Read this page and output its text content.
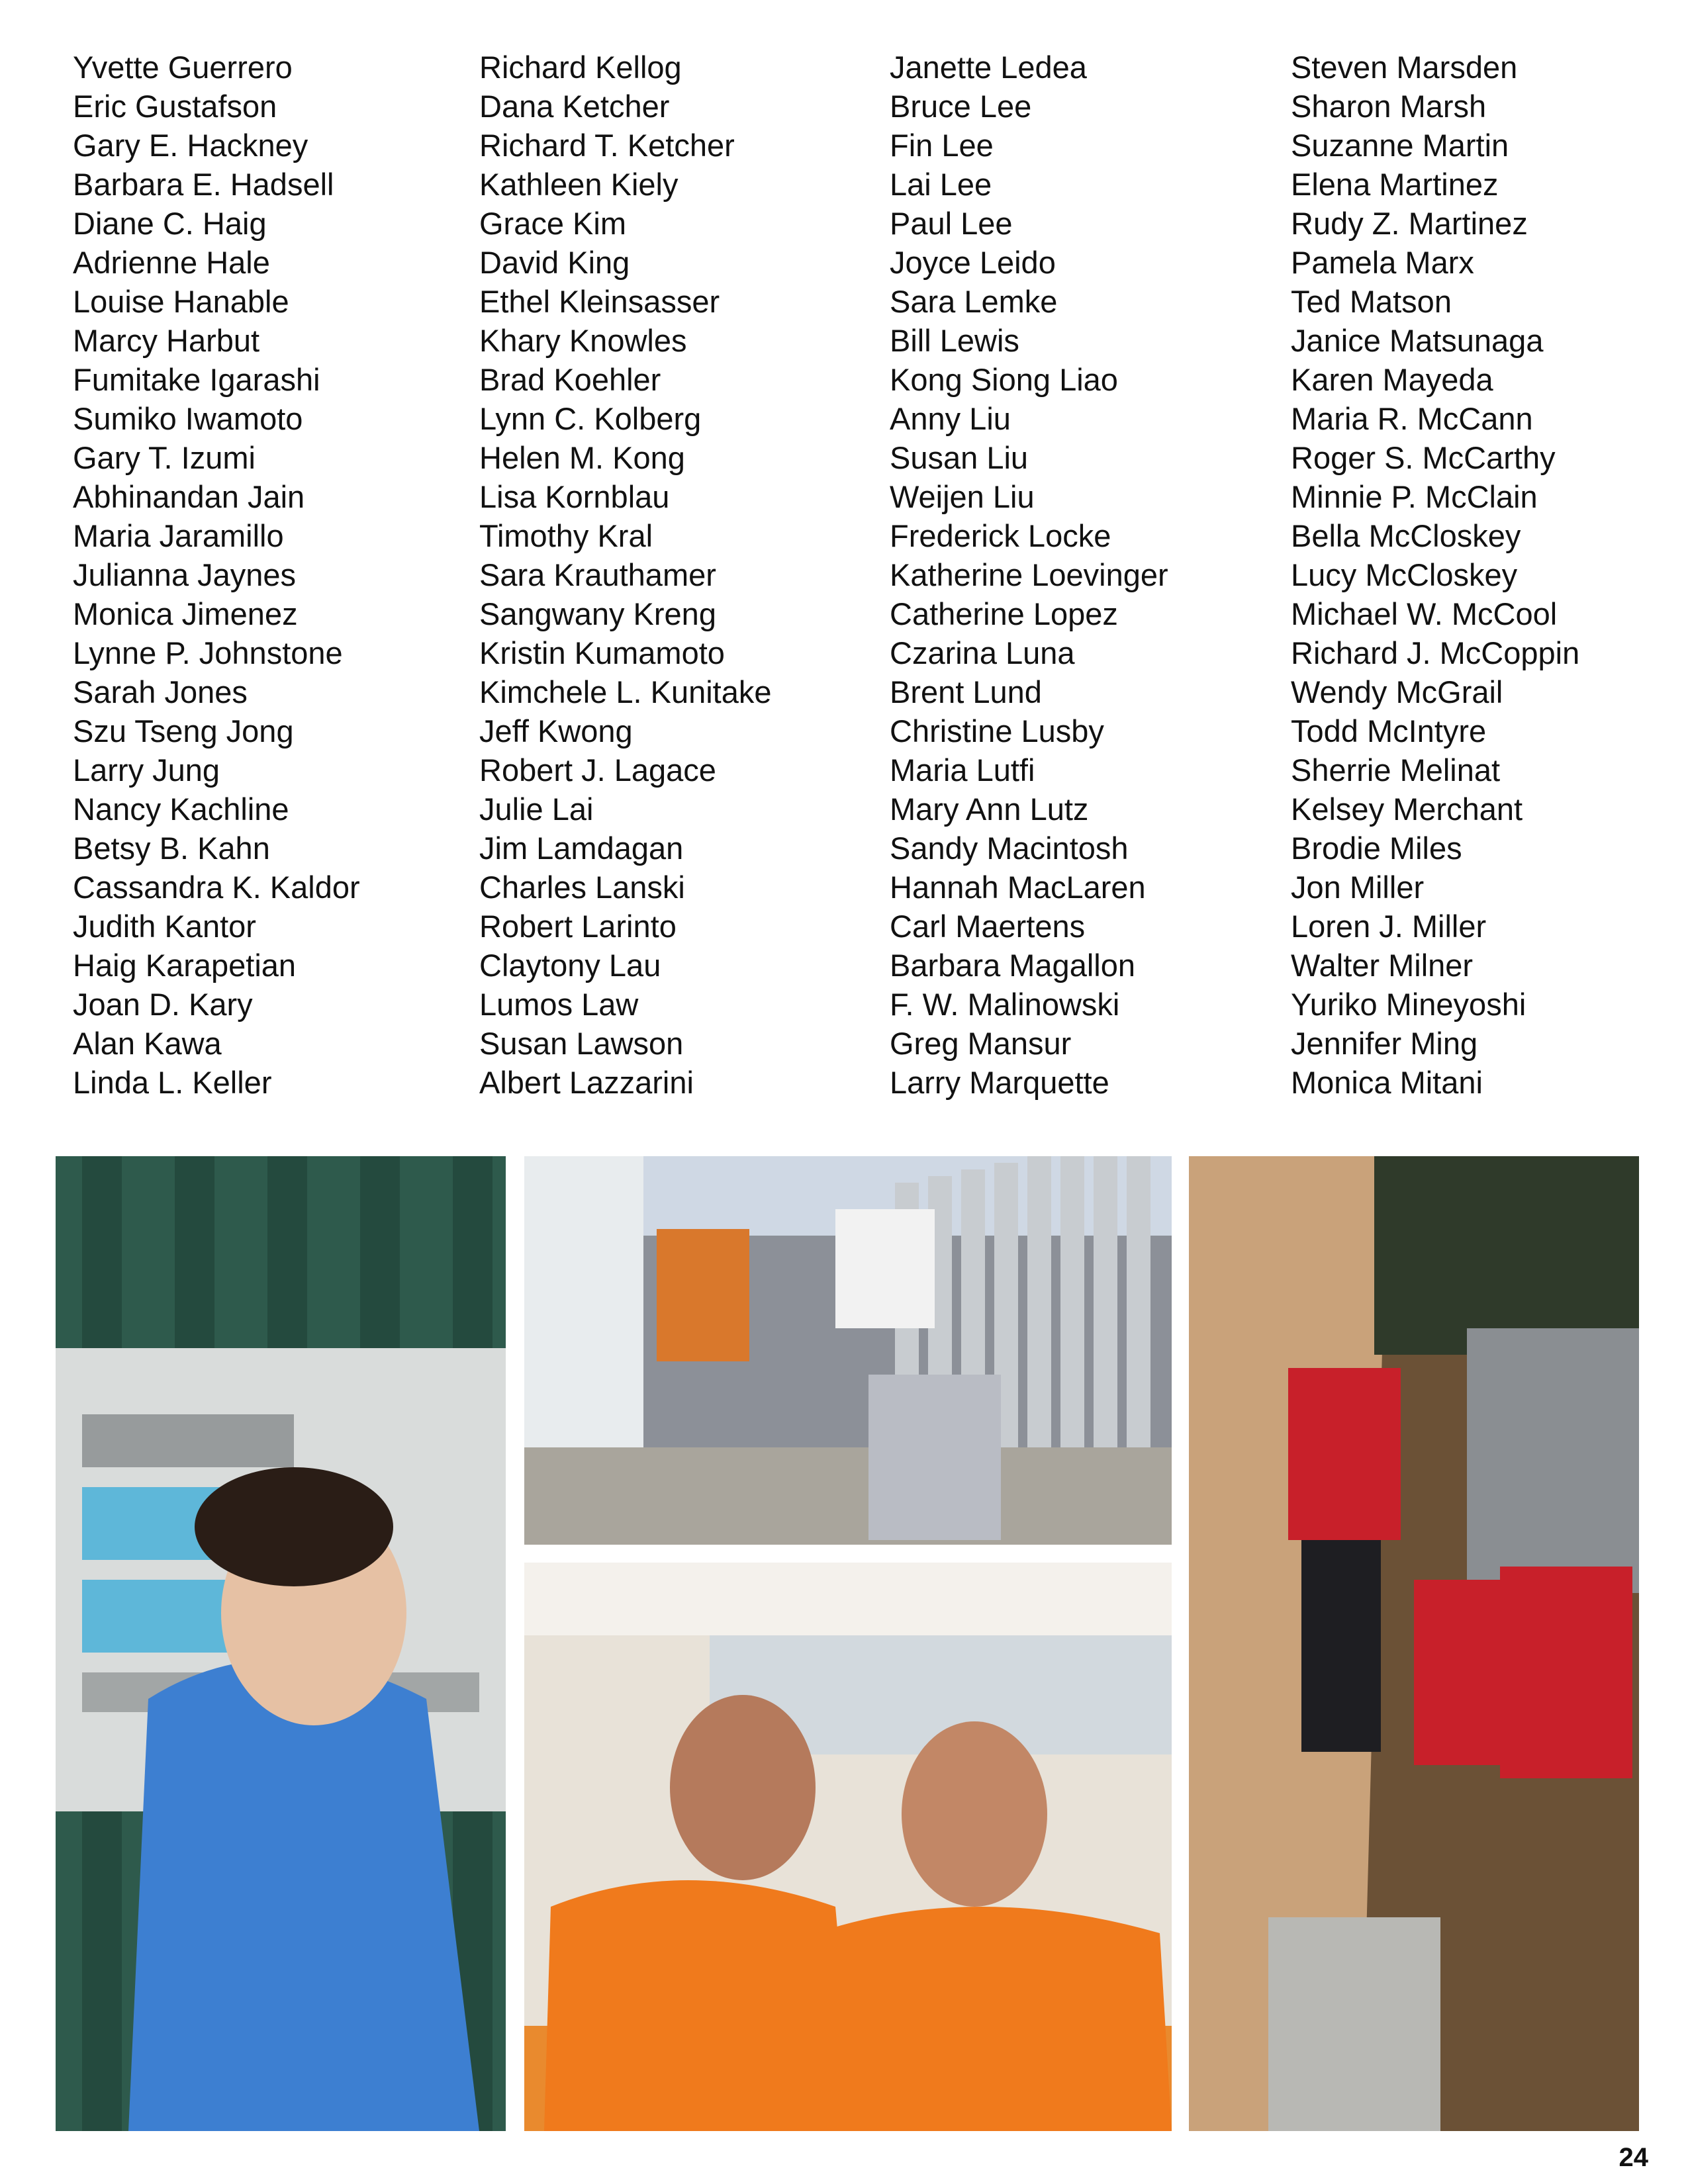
Yvette Guerrero
Eric Gustafson
Gary E. Hackney
Barbara E. Hadsell
Diane C. Haig
Adrienne Hale
Louise Hanable
Marcy Harbut
Fumitake Igarashi
Sumiko Iwamoto
Gary T. Izumi
Abhinandan Jain
Maria Jaramillo
Julianna Jaynes
Monica Jimenez
Lynne P. Johnstone
Sarah Jones
Szu Tseng Jong
Larry Jung
Nancy Kachline
Betsy B. Kahn
Cassandra K. Kaldor
Judith Kantor
Haig Karapetian
Joan D. Kary
Alan Kawa
Linda L. Keller
Richard Kellog
Dana Ketcher
Richard T. Ketcher
Kathleen Kiely
Grace Kim
David King
Ethel Kleinsasser
Khary Knowles
Brad Koehler
Lynn C. Kolberg
Helen M. Kong
Lisa Kornblau
Timothy Kral
Sara Krauthamer
Sangwany Kreng
Kristin Kumamoto
Kimchele L. Kunitake
Jeff Kwong
Robert J. Lagace
Julie Lai
Jim Lamdagan
Charles Lanski
Robert Larinto
Claytony Lau
Lumos Law
Susan Lawson
Albert Lazzarini
Janette Ledea
Bruce Lee
Fin Lee
Lai Lee
Paul Lee
Joyce Leido
Sara Lemke
Bill Lewis
Kong Siong Liao
Anny Liu
Susan Liu
Weijen Liu
Frederick Locke
Katherine Loevinger
Catherine Lopez
Czarina Luna
Brent Lund
Christine Lusby
Maria Lutfi
Mary Ann Lutz
Sandy Macintosh
Hannah MacLaren
Carl Maertens
Barbara Magallon
F. W. Malinowski
Greg Mansur
Larry Marquette
Steven Marsden
Sharon Marsh
Suzanne Martin
Elena Martinez
Rudy Z. Martinez
Pamela Marx
Ted Matson
Janice Matsunaga
Karen Mayeda
Maria R. McCann
Roger S. McCarthy
Minnie P. McClain
Bella McCloskey
Lucy McCloskey
Michael W. McCool
Richard J. McCoppin
Wendy McGrail
Todd McIntyre
Sherrie Melinat
Kelsey Merchant
Brodie Miles
Jon Miller
Loren J. Miller
Walter Milner
Yuriko Mineyoshi
Jennifer Ming
Monica Mitani
24
